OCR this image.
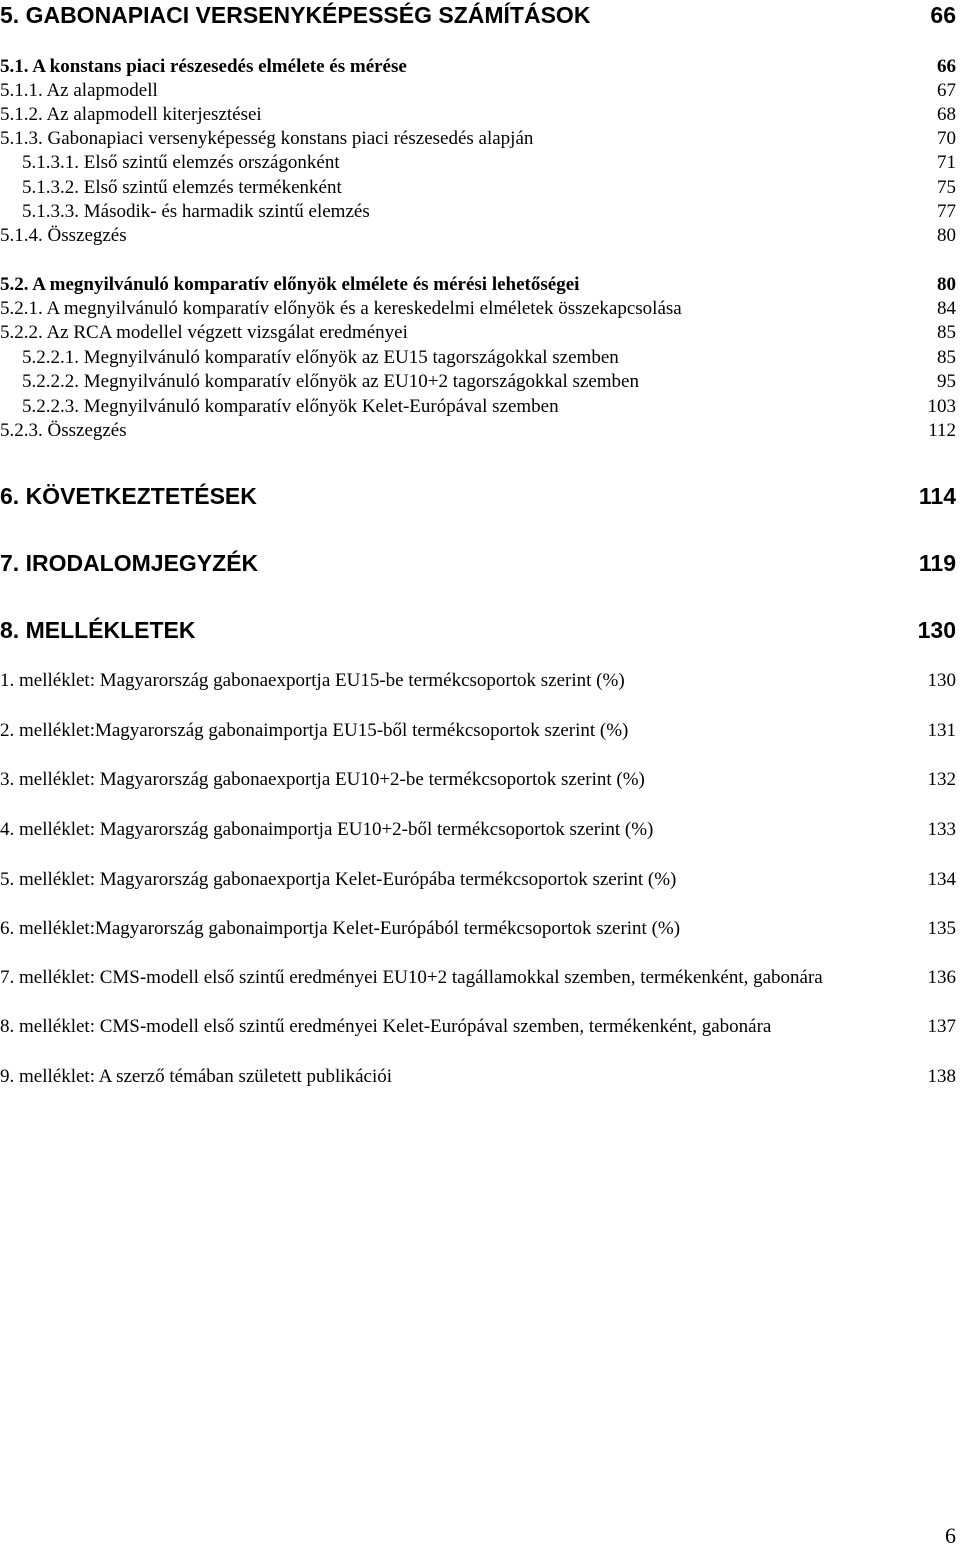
5. GABONAPIACI VERSENYKÉPESSÉG SZÁMÍTÁSOK	66
5.1. A konstans piaci részesedés elmélete és mérése	66
5.1.1. Az alapmodell	67
5.1.2. Az alapmodell kiterjesztései	68
5.1.3. Gabonapiaci versenyképesség konstans piaci részesedés alapján	70
5.1.3.1. Első szintű elemzés országonként	71
5.1.3.2. Első szintű elemzés termékenként	75
5.1.3.3. Második- és harmadik szintű elemzés	77
5.1.4. Összegzés	80
5.2. A megnyilvánuló komparatív előnyök elmélete és mérési lehetőségei	80
5.2.1. A megnyilvánuló komparatív előnyök és a kereskedelmi elméletek összekapcsolása	84
5.2.2. Az RCA modellel végzett vizsgálat eredményei	85
5.2.2.1. Megnyilvánuló komparatív előnyök az EU15 tagországokkal szemben	85
5.2.2.2. Megnyilvánuló komparatív előnyök az EU10+2 tagországokkal szemben	95
5.2.2.3. Megnyilvánuló komparatív előnyök Kelet-Európával szemben	103
5.2.3. Összegzés	112
6. KÖVETKEZTETÉSEK	114
7. IRODALOMJEGYZÉK	119
8. MELLÉKLETEK	130
1. melléklet: Magyarország gabonaexportja EU15-be termékcsoportok szerint (%)	130
2. melléklet:Magyarország gabonaimportja EU15-ből termékcsoportok szerint (%)	131
3. melléklet: Magyarország gabonaexportja EU10+2-be termékcsoportok szerint (%)	132
4. melléklet: Magyarország gabonaimportja EU10+2-ből termékcsoportok szerint (%)	133
5. melléklet: Magyarország gabonaexportja Kelet-Európába termékcsoportok szerint (%)	134
6. melléklet:Magyarország gabonaimportja Kelet-Európából termékcsoportok szerint (%)	135
7. melléklet: CMS-modell első szintű eredményei EU10+2 tagállamokkal szemben, termékenként, gabonára	136
8. melléklet: CMS-modell első szintű eredményei Kelet-Európával szemben, termékenként, gabonára	137
9. melléklet: A szerző témában született publikációi	138
6
